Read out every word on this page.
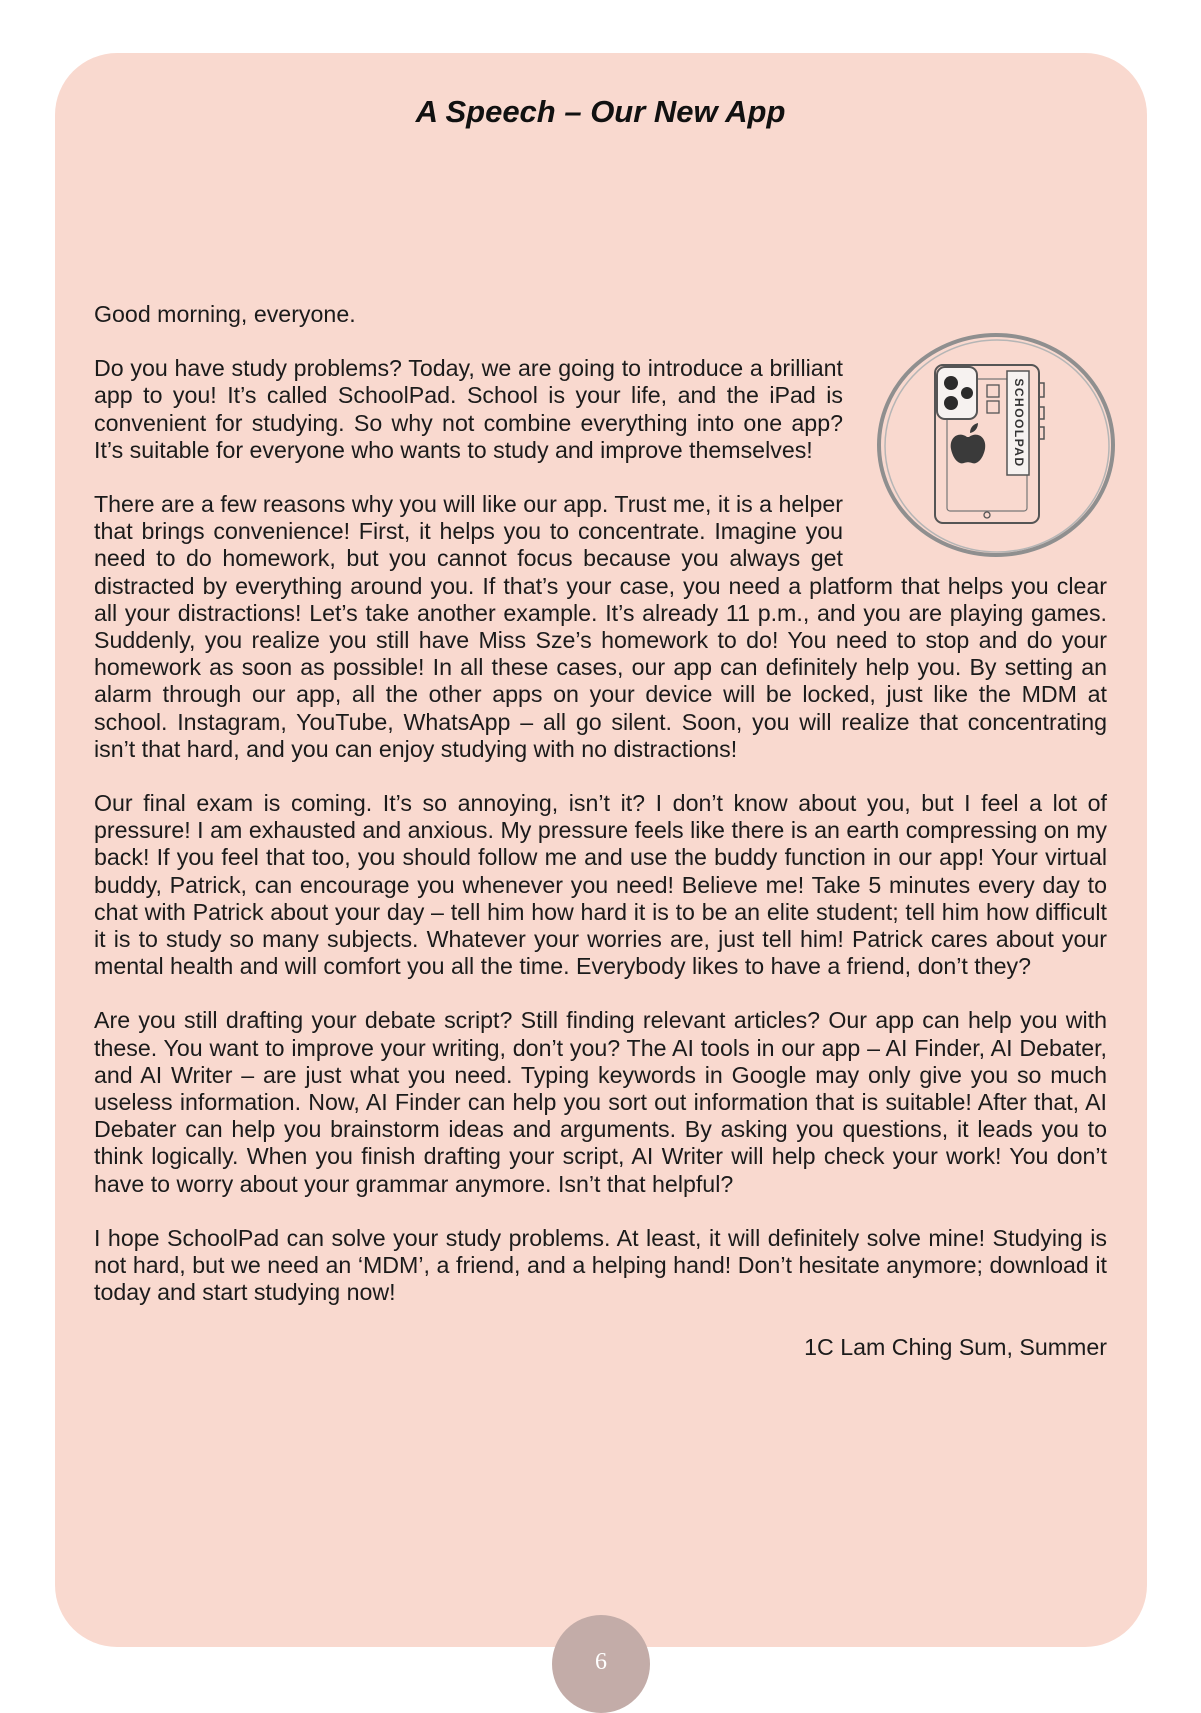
A Speech – Our New App

Good morning, everyone.

SCHOOLPAD

Do you have study problems? Today, we are going to introduce a brilliant app to you! It’s called SchoolPad. School is your life, and the iPad is convenient for studying. So why not combine everything into one app? It’s suitable for everyone who wants to study and improve themselves!

There are a few reasons why you will like our app. Trust me, it is a helper that brings convenience! First, it helps you to concentrate. Imagine you need to do homework, but you cannot focus because you always get distracted by everything around you. If that’s your case, you need a platform that helps you clear all your distractions! Let’s take another example. It’s already 11 p.m., and you are playing games. Suddenly, you realize you still have Miss Sze’s homework to do! You need to stop and do your homework as soon as possible! In all these cases, our app can definitely help you. By setting an alarm through our app, all the other apps on your device will be locked, just like the MDM at school. Instagram, YouTube, WhatsApp – all go silent. Soon, you will realize that concentrating isn’t that hard, and you can enjoy studying with no distractions!

Our final exam is coming. It’s so annoying, isn’t it? I don’t know about you, but I feel a lot of pressure! I am exhausted and anxious. My pressure feels like there is an earth compressing on my back! If you feel that too, you should follow me and use the buddy function in our app! Your virtual buddy, Patrick, can encourage you whenever you need! Believe me! Take 5 minutes every day to chat with Patrick about your day – tell him how hard it is to be an elite student; tell him how difficult it is to study so many subjects. Whatever your worries are, just tell him! Patrick cares about your mental health and will comfort you all the time. Everybody likes to have a friend, don’t they?

Are you still drafting your debate script? Still finding relevant articles? Our app can help you with these. You want to improve your writing, don’t you? The AI tools in our app – AI Finder, AI Debater, and AI Writer – are just what you need. Typing keywords in Google may only give you so much useless information. Now, AI Finder can help you sort out information that is suitable! After that, AI Debater can help you brainstorm ideas and arguments. By asking you questions, it leads you to think logically. When you finish drafting your script, AI Writer will help check your work! You don’t have to worry about your grammar anymore. Isn’t that helpful?

I hope SchoolPad can solve your study problems. At least, it will definitely solve mine! Studying is not hard, but we need an ‘MDM’, a friend, and a helping hand! Don’t hesitate anymore; download it today and start studying now!

1C Lam Ching Sum, Summer

6
